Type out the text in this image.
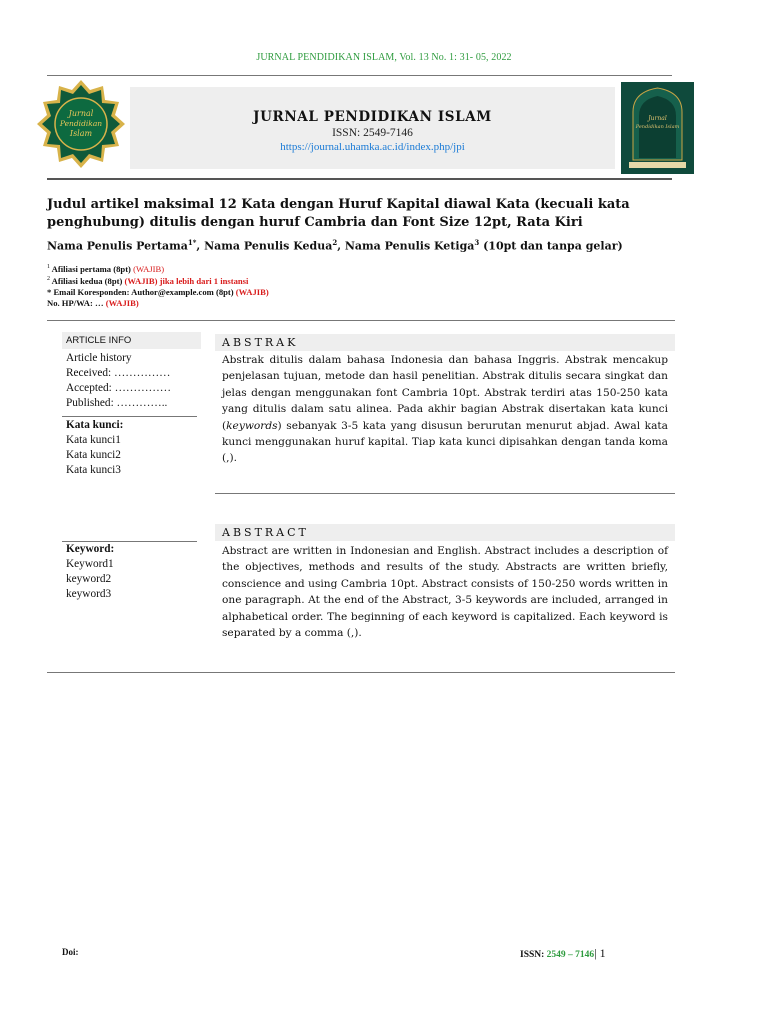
JURNAL PENDIDIKAN ISLAM, Vol. 13 No. 1: 31- 05, 2022
Jurnal
Pendidikan
Islam
JURNAL PENDIDIKAN ISLAM
ISSN: 2549-7146
https://journal.uhamka.ac.id/index.php/jpi
Jurnal
Pendidikan Islam
Judul artikel maksimal 12 Kata dengan Huruf Kapital diawal Kata (kecuali kata penghubung) ditulis dengan huruf Cambria dan Font Size 12pt, Rata Kiri
Nama Penulis Pertama$^{1*}$, Nama Penulis Kedua$^2$, Nama Penulis Ketiga$^3$ (10pt dan tanpa gelar)
$^1$ Afiliasi pertama (8pt) (WAJIB)
$^2$ Afiliasi kedua (8pt) (WAJIB) jika lebih dari 1 instansi
* Email Koresponden: Author@example.com (8pt) (WAJIB)
No. HP/WA: … (WAJIB)
ARTICLE INFO
Article history
Received: ……………
Accepted: ……………
Published: …………..
Kata kunci:
Kata kunci1
Kata kunci2
Kata kunci3
ABSTRAK
Abstrak ditulis dalam bahasa Indonesia dan bahasa Inggris. Abstrak mencakup penjelasan tujuan, metode dan hasil penelitian. Abstrak ditulis secara singkat dan jelas dengan menggunakan font Cambria 10pt. Abstrak terdiri atas 150-250 kata yang ditulis dalam satu alinea. Pada akhir bagian Abstrak disertakan kata kunci (keywords) sebanyak 3-5 kata yang disusun berurutan menurut abjad. Awal kata kunci menggunakan huruf kapital. Tiap kata kunci dipisahkan dengan tanda koma (,).
ABSTRACT
Keyword:
Keyword1
keyword2
keyword3
Abstract are written in Indonesian and English. Abstract includes a description of the objectives, methods and results of the study. Abstracts are written briefly, conscience and using Cambria 10pt. Abstract consists of 150-250 words written in one paragraph. At the end of the Abstract, 3-5 keywords are included, arranged in alphabetical order. The beginning of each keyword is capitalized. Each keyword is separated by a comma (,).
Doi:	ISSN: 2549 – 7146| 1
